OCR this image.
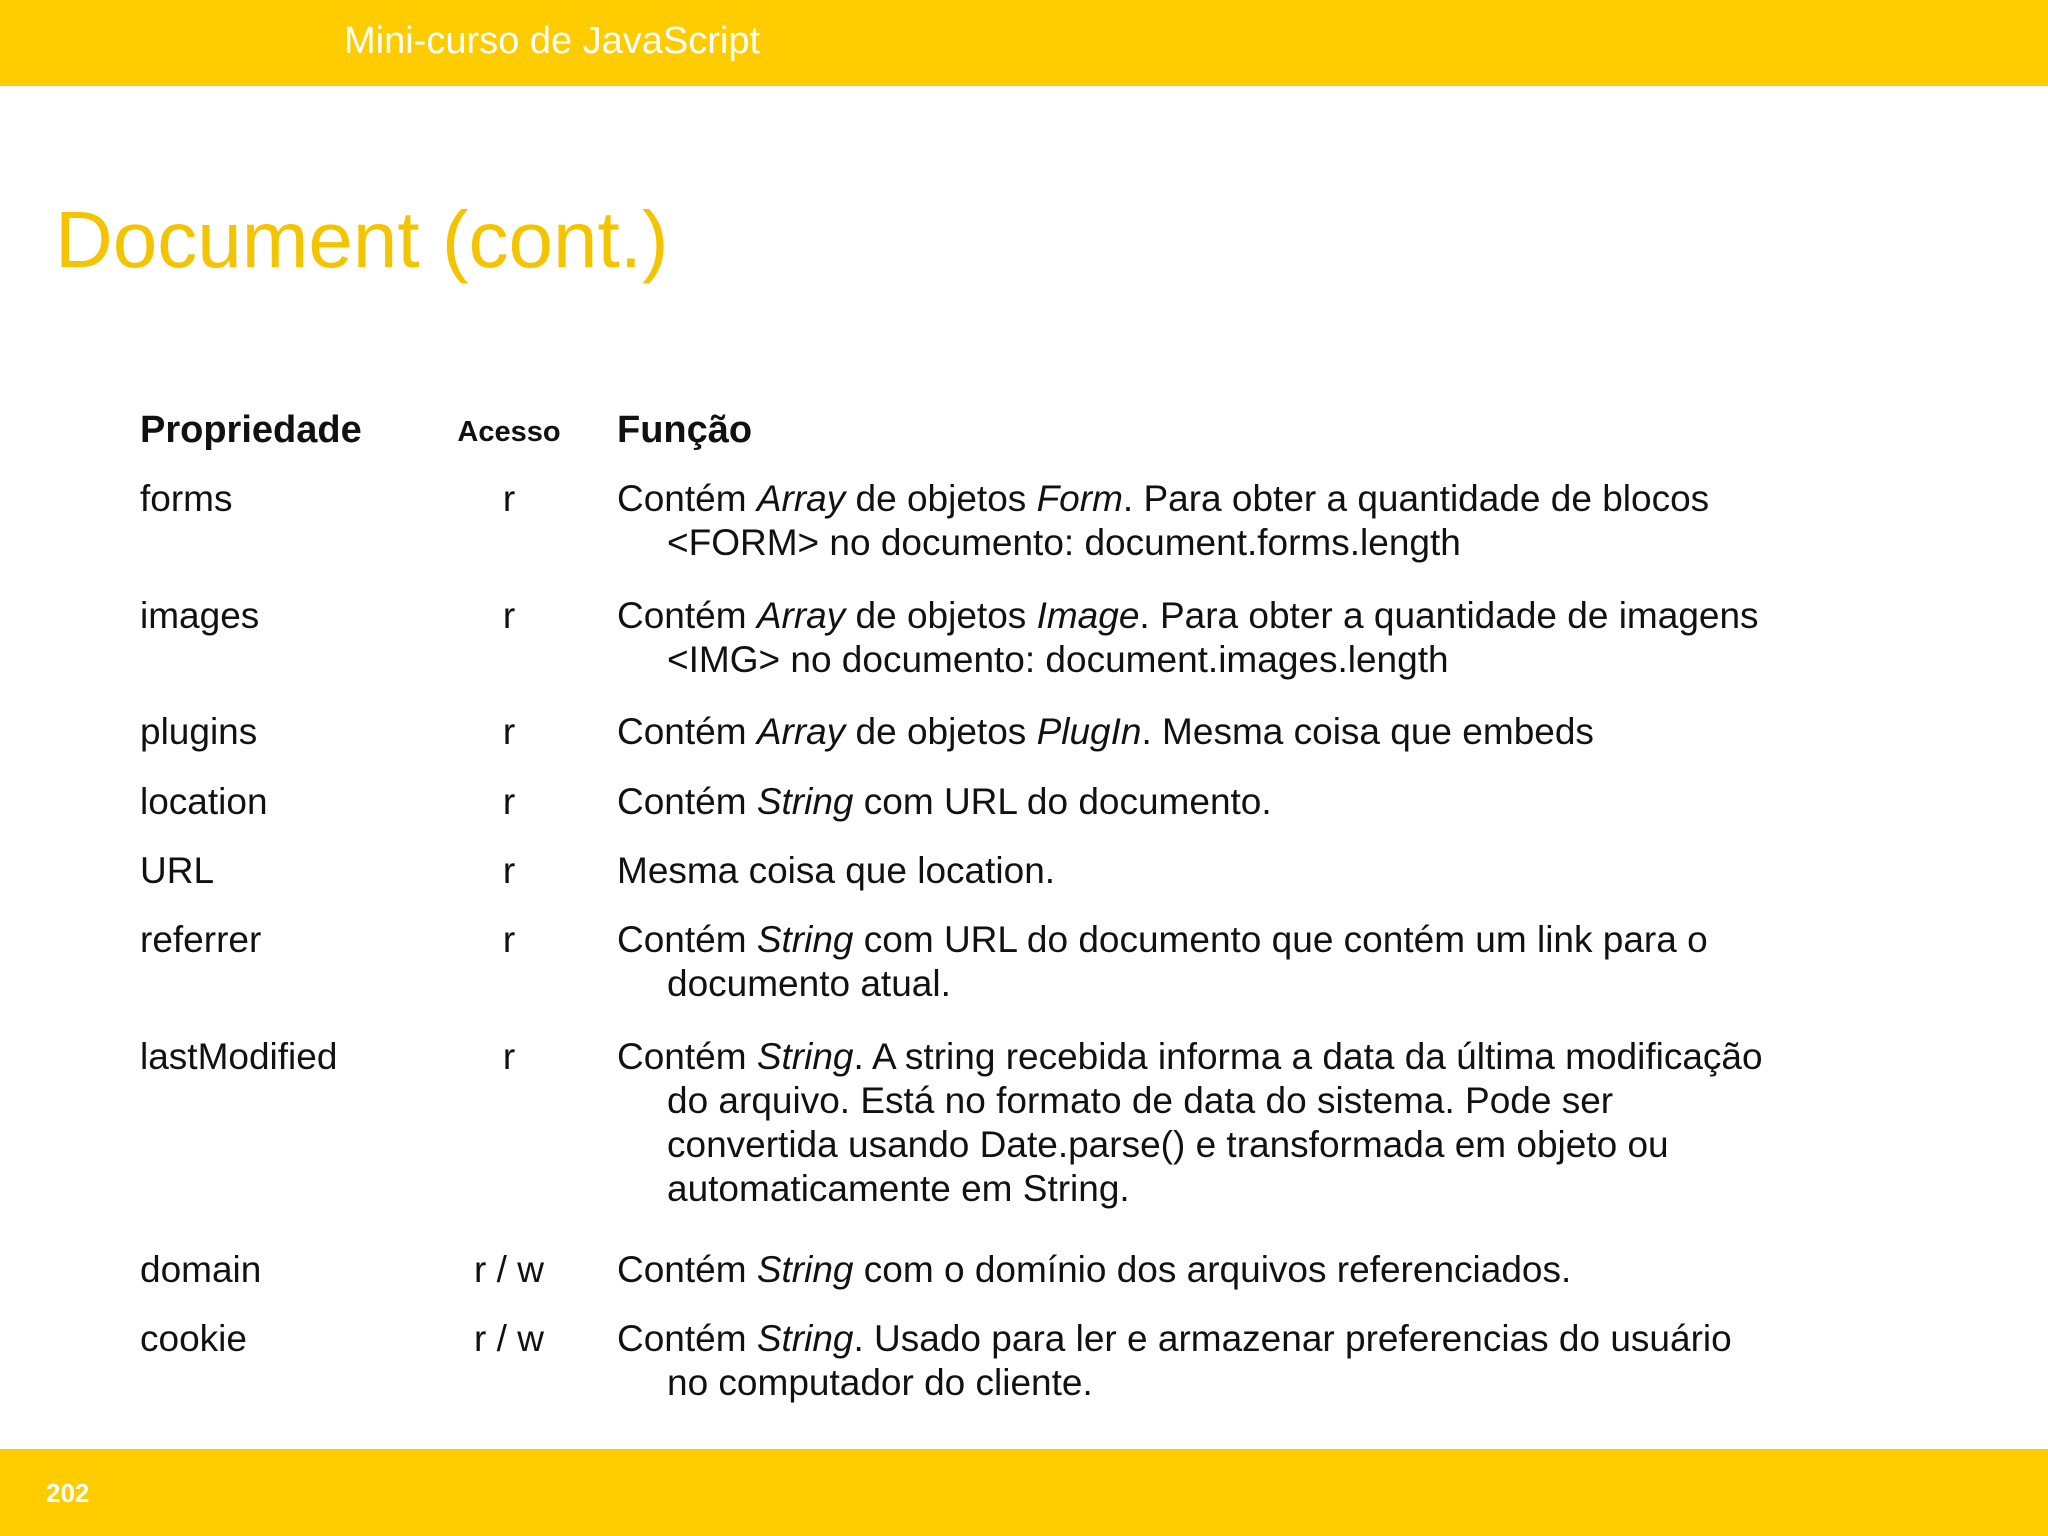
Mini-curso de JavaScript
Document (cont.)
Propriedade	Acesso	Função
forms	r	Contém Array de objetos Form. Para obter a quantidade de blocos
<FORM> no documento: document.forms.length
images	r	Contém Array de objetos Image. Para obter a quantidade de imagens
<IMG> no documento: document.images.length
plugins	r	Contém Array de objetos PlugIn. Mesma coisa que embeds
location	r	Contém String com URL do documento.
URL	r	Mesma coisa que location.
referrer	r	Contém String com URL do documento que contém um link para o
documento atual.
lastModified	r	Contém String. A string recebida informa a data da última modificação
do arquivo. Está no formato de data do sistema. Pode ser
convertida usando Date.parse() e transformada em objeto ou
automaticamente em String.
domain	r / w	Contém String com o domínio dos arquivos referenciados.
cookie	r / w	Contém String. Usado para ler e armazenar preferencias do usuário
no computador do cliente.
202
